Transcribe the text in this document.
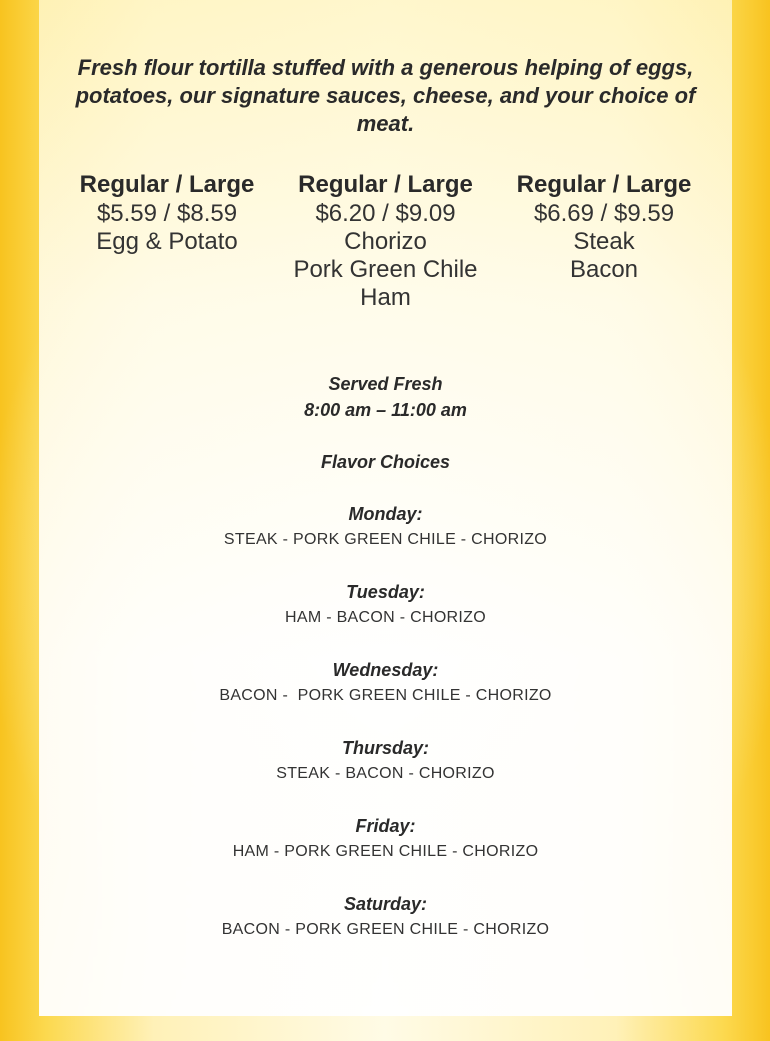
Fresh flour tortilla stuffed with a generous helping of eggs, potatoes, our signature sauces, cheese, and your choice of meat.
Regular / Large
$5.59 / $8.59
Egg & Potato
Regular / Large
$6.20 / $9.09
Chorizo
Pork Green Chile
Ham
Regular / Large
$6.69 / $9.59
Steak
Bacon
Served Fresh
8:00 am – 11:00 am
Flavor Choices
Monday:
STEAK - PORK GREEN CHILE - CHORIZO
Tuesday:
HAM - BACON - CHORIZO
Wednesday:
BACON -  PORK GREEN CHILE - CHORIZO
Thursday:
STEAK - BACON - CHORIZO
Friday:
HAM - PORK GREEN CHILE - CHORIZO
Saturday:
BACON - PORK GREEN CHILE - CHORIZO
